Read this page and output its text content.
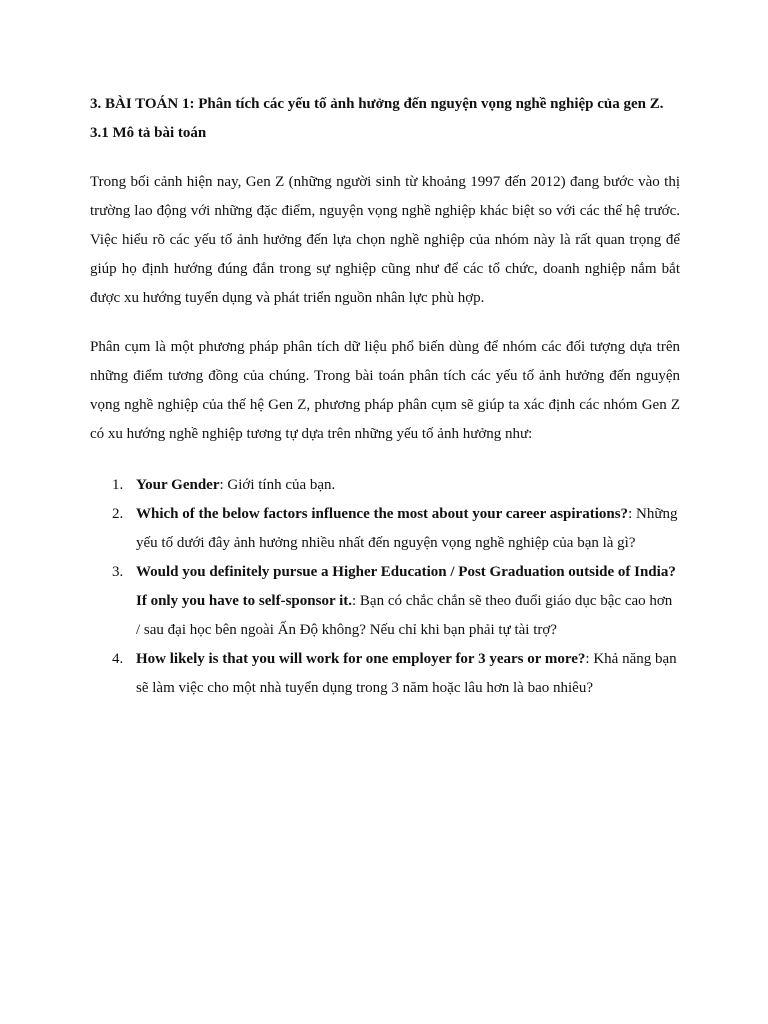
3. BÀI TOÁN 1: Phân tích các yếu tố ảnh hưởng đến nguyện vọng nghề nghiệp của gen Z.

3.1 Mô tả bài toán

Trong bối cảnh hiện nay, Gen Z (những người sinh từ khoảng 1997 đến 2012) đang bước vào thị trường lao động với những đặc điểm, nguyện vọng nghề nghiệp khác biệt so với các thế hệ trước. Việc hiểu rõ các yếu tố ảnh hưởng đến lựa chọn nghề nghiệp của nhóm này là rất quan trọng để giúp họ định hướng đúng đắn trong sự nghiệp cũng như để các tổ chức, doanh nghiệp nắm bắt được xu hướng tuyển dụng và phát triển nguồn nhân lực phù hợp.

Phân cụm là một phương pháp phân tích dữ liệu phổ biến dùng để nhóm các đối tượng dựa trên những điểm tương đồng của chúng. Trong bài toán phân tích các yếu tố ảnh hưởng đến nguyện vọng nghề nghiệp của thế hệ Gen Z, phương pháp phân cụm sẽ giúp ta xác định các nhóm Gen Z có xu hướng nghề nghiệp tương tự dựa trên những yếu tố ảnh hưởng như:

1. Your Gender: Giới tính của bạn.
2. Which of the below factors influence the most about your career aspirations?: Những yếu tố dưới đây ảnh hưởng nhiều nhất đến nguyện vọng nghề nghiệp của bạn là gì?
3. Would you definitely pursue a Higher Education / Post Graduation outside of India? If only you have to self-sponsor it.: Bạn có chắc chắn sẽ theo đuổi giáo dục bậc cao hơn / sau đại học bên ngoài Ấn Độ không? Nếu chỉ khi bạn phải tự tài trợ?
4. How likely is that you will work for one employer for 3 years or more?: Khả năng bạn sẽ làm việc cho một nhà tuyển dụng trong 3 năm hoặc lâu hơn là bao nhiêu?
